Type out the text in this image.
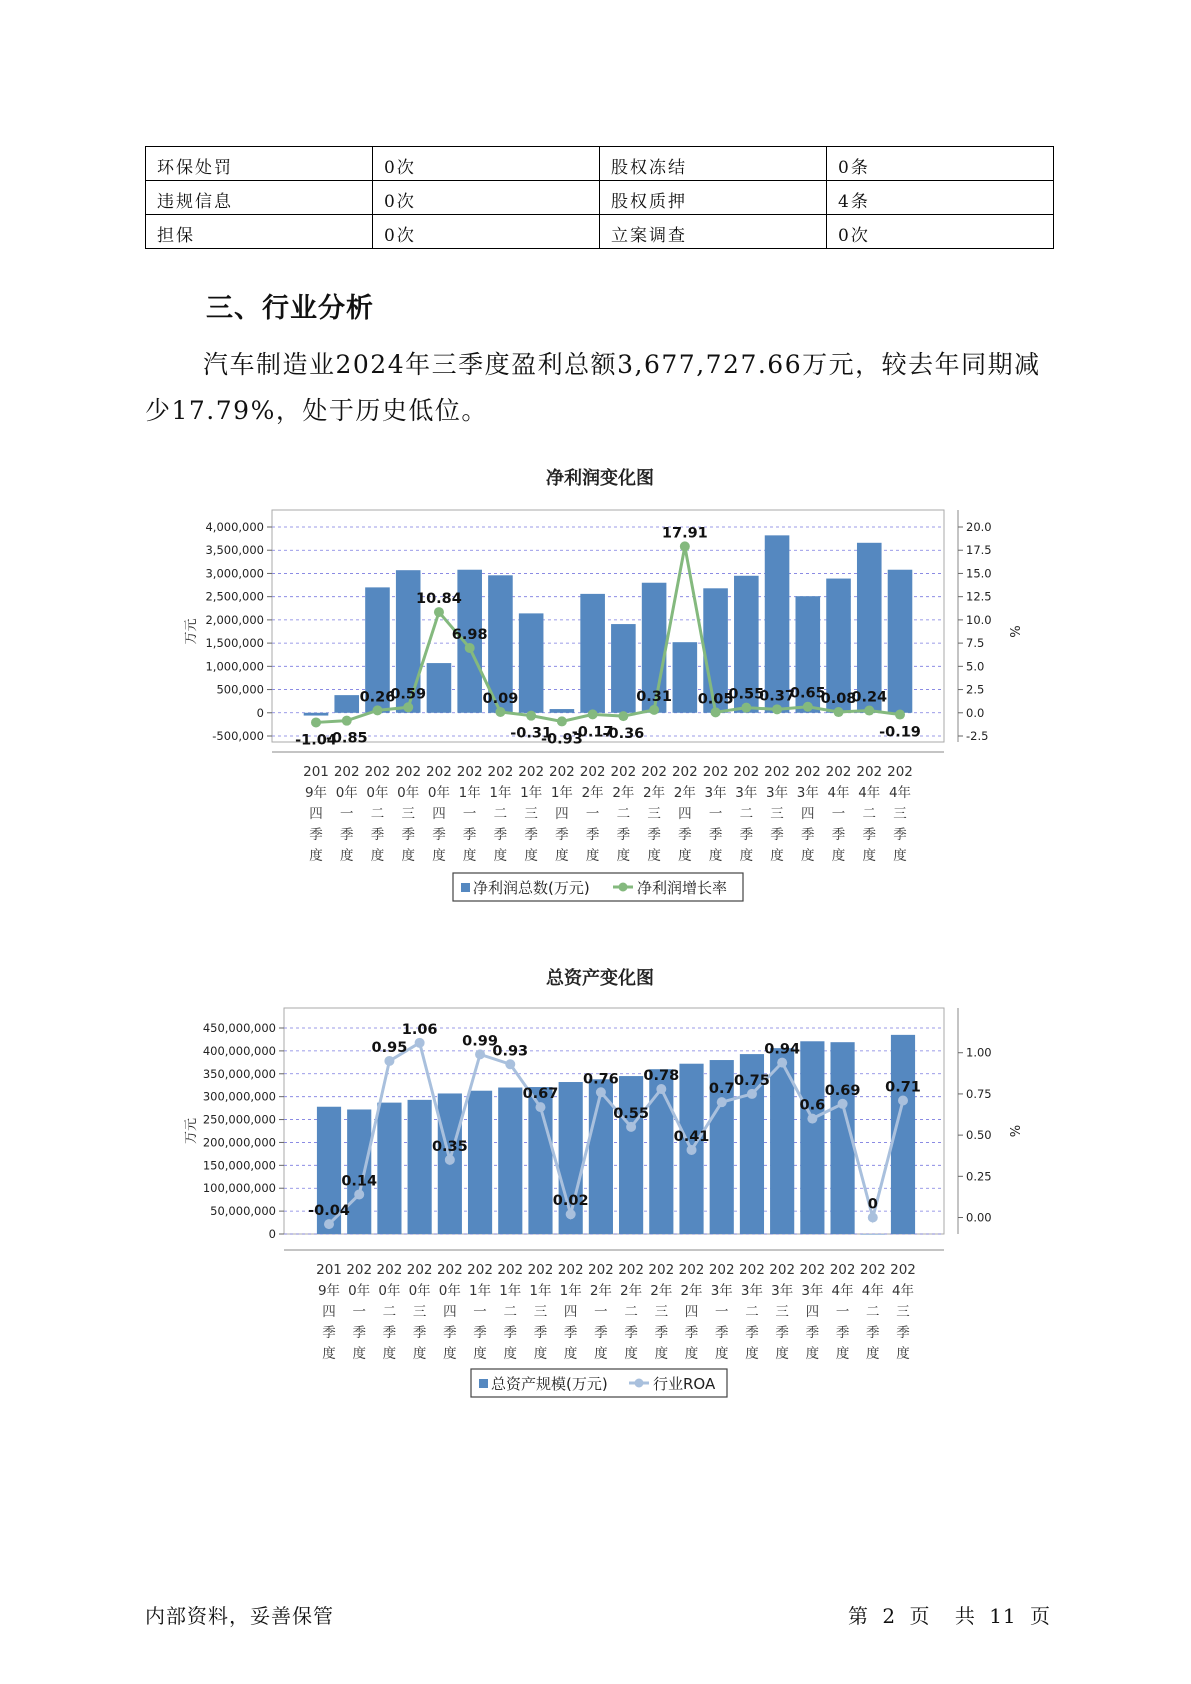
环保处罚	0次	股权冻结	0条
违规信息	0次	股权质押	4条
担保	0次	立案调查	0次
三、行业分析

汽车制造业2024年三季度盈利总额3,677,727.66万元，较去年同期减少17.79%，处于历史低位。

净利润变化图
4,000,000
3,500,000
3,000,000
2,500,000
2,000,000
1,500,000
1,000,000
500,000
0
-500,000
20.0
17.5
15.0
12.5
10.0
7.5
5.0
2.5
0.0
-2.5
万元	%
-1.04
-0.85
0.26
0.59
10.84
6.98
0.09
-0.31
-0.93
-0.17
-0.36
0.31
17.91
0.05
0.55
0.37
0.65
0.08
0.24
-0.19
201
9年
四
季
度
202
0年
一
季
度
202
0年
二
季
度
202
0年
三
季
度
202
0年
四
季
度
202
1年
一
季
度
202
1年
二
季
度
202
1年
三
季
度
202
1年
四
季
度
202
2年
一
季
度
202
2年
二
季
度
202
2年
三
季
度
202
2年
四
季
度
202
3年
一
季
度
202
3年
二
季
度
202
3年
三
季
度
202
3年
四
季
度
202
4年
一
季
度
202
4年
二
季
度
202
4年
三
季
度
净利润总数(万元)	净利润增长率
总资产变化图
450,000,000
400,000,000
350,000,000
300,000,000
250,000,000
200,000,000
150,000,000
100,000,000
50,000,000
0
1.00
0.75
0.50
0.25
0.00
万元	%
-0.04
0.14
0.95
1.06
0.35
0.99
0.93
0.67
0.02
0.76
0.55
0.78
0.41
0.7
0.75
0.94
0.6
0.69
0
0.71
201
9年
四
季
度
202
0年
一
季
度
202
0年
二
季
度
202
0年
三
季
度
202
0年
四
季
度
202
1年
一
季
度
202
1年
二
季
度
202
1年
三
季
度
202
1年
四
季
度
202
2年
一
季
度
202
2年
二
季
度
202
2年
三
季
度
202
2年
四
季
度
202
3年
一
季
度
202
3年
二
季
度
202
3年
三
季
度
202
3年
四
季
度
202
4年
一
季
度
202
4年
二
季
度
202
4年
三
季
度
总资产规模(万元)	行业ROA
内部资料，妥善保管	第 2 页 共 11 页
